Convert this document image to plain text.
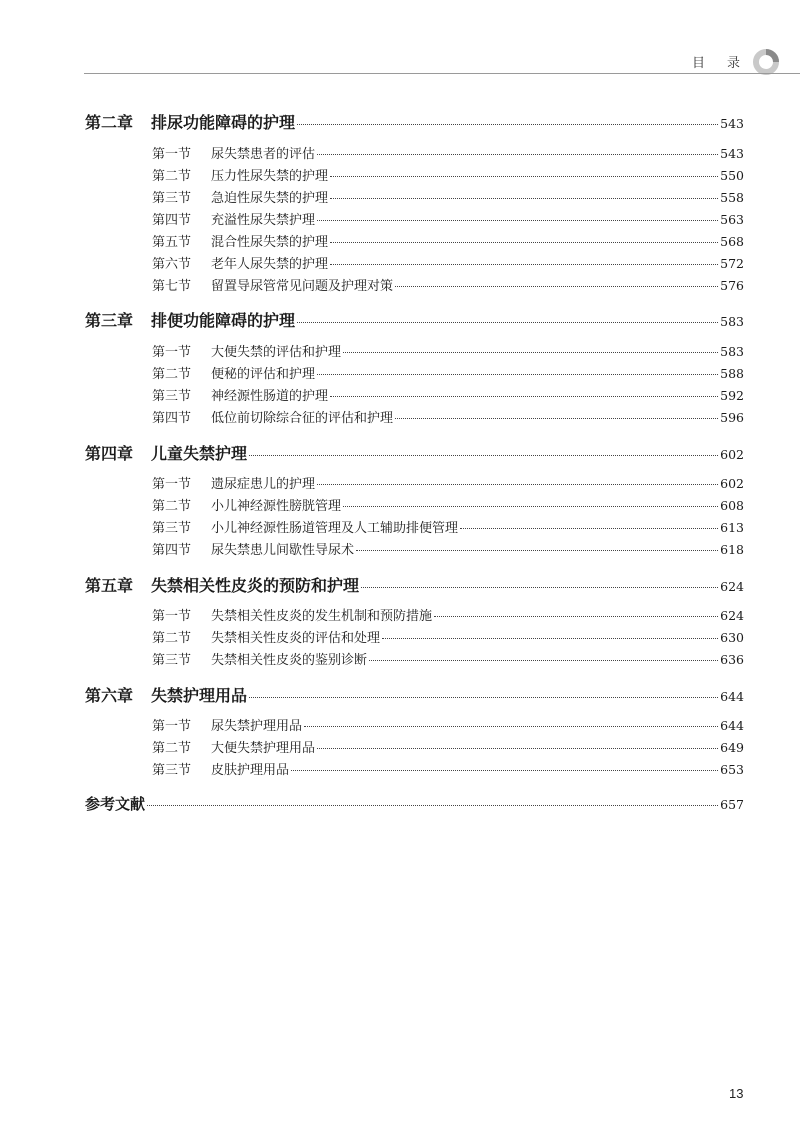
目 录
第二章	排尿功能障碍的护理	543
第一节	尿失禁患者的评估	543
第二节	压力性尿失禁的护理	550
第三节	急迫性尿失禁的护理	558
第四节	充溢性尿失禁护理	563
第五节	混合性尿失禁的护理	568
第六节	老年人尿失禁的护理	572
第七节	留置导尿管常见问题及护理对策	576
第三章	排便功能障碍的护理	583
第一节	大便失禁的评估和护理	583
第二节	便秘的评估和护理	588
第三节	神经源性肠道的护理	592
第四节	低位前切除综合征的评估和护理	596
第四章	儿童失禁护理	602
第一节	遗尿症患儿的护理	602
第二节	小儿神经源性膀胱管理	608
第三节	小儿神经源性肠道管理及人工辅助排便管理	613
第四节	尿失禁患儿间歇性导尿术	618
第五章	失禁相关性皮炎的预防和护理	624
第一节	失禁相关性皮炎的发生机制和预防措施	624
第二节	失禁相关性皮炎的评估和处理	630
第三节	失禁相关性皮炎的鉴别诊断	636
第六章	失禁护理用品	644
第一节	尿失禁护理用品	644
第二节	大便失禁护理用品	649
第三节	皮肤护理用品	653
参考文献	657
13
